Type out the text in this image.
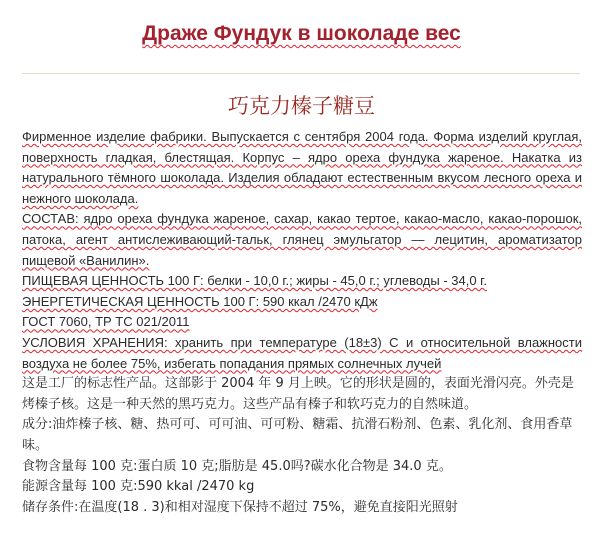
Драже Фундук в шоколаде вес
巧克力榛子糖豆

Фирменное изделие фабрики. Выпускается с сентября 2004 года. Форма изделий круглая, поверхность гладкая, блестящая. Корпус – ядро ореха фундука жареное. Накатка из натурального тёмного шоколада. Изделия обладают естественным вкусом лесного ореха и нежного шоколада.

СОСТАВ: ядро ореха фундука жареное, сахар, какао тертое, какао-масло, какао-порошок, патока, агент антислеживающий-тальк, глянец эмульгатор — лецитин, ароматизатор пищевой «Ванилин».

ПИЩЕВАЯ ЦЕННОСТЬ 100 Г: белки - 10,0 г.; жиры - 45,0 г.; углеводы - 34,0 г.

ЭНЕРГЕТИЧЕСКАЯ ЦЕННОСТЬ 100 Г: 590 ккал /2470 кДж

ГОСТ 7060, ТР ТС 021/2011

УСЛОВИЯ ХРАНЕНИЯ: хранить при температуре (18±3) С и относительной влажности воздуха не более 75%, избегать попадания прямых солнечных лучей

这是工厂的标志性产品。这部影于 2004 年 9 月上映。它的形状是圆的，表面光滑闪亮。外壳是烤榛子核。这是一种天然的黑巧克力。这些产品有榛子和软巧克力的自然味道。

成分:油炸榛子核、糖、热可可、可可油、可可粉、糖霜、抗滑石粉剂、色素、乳化剂、食用香草味。

食物含量每 100 克:蛋白质 10 克;脂肪是 45.0吗?碳水化合物是 34.0 克。

能源含量每 100 克:590 kkal /2470 kg

储存条件:在温度(18 . 3)和相对湿度下保持不超过 75%，避免直接阳光照射
